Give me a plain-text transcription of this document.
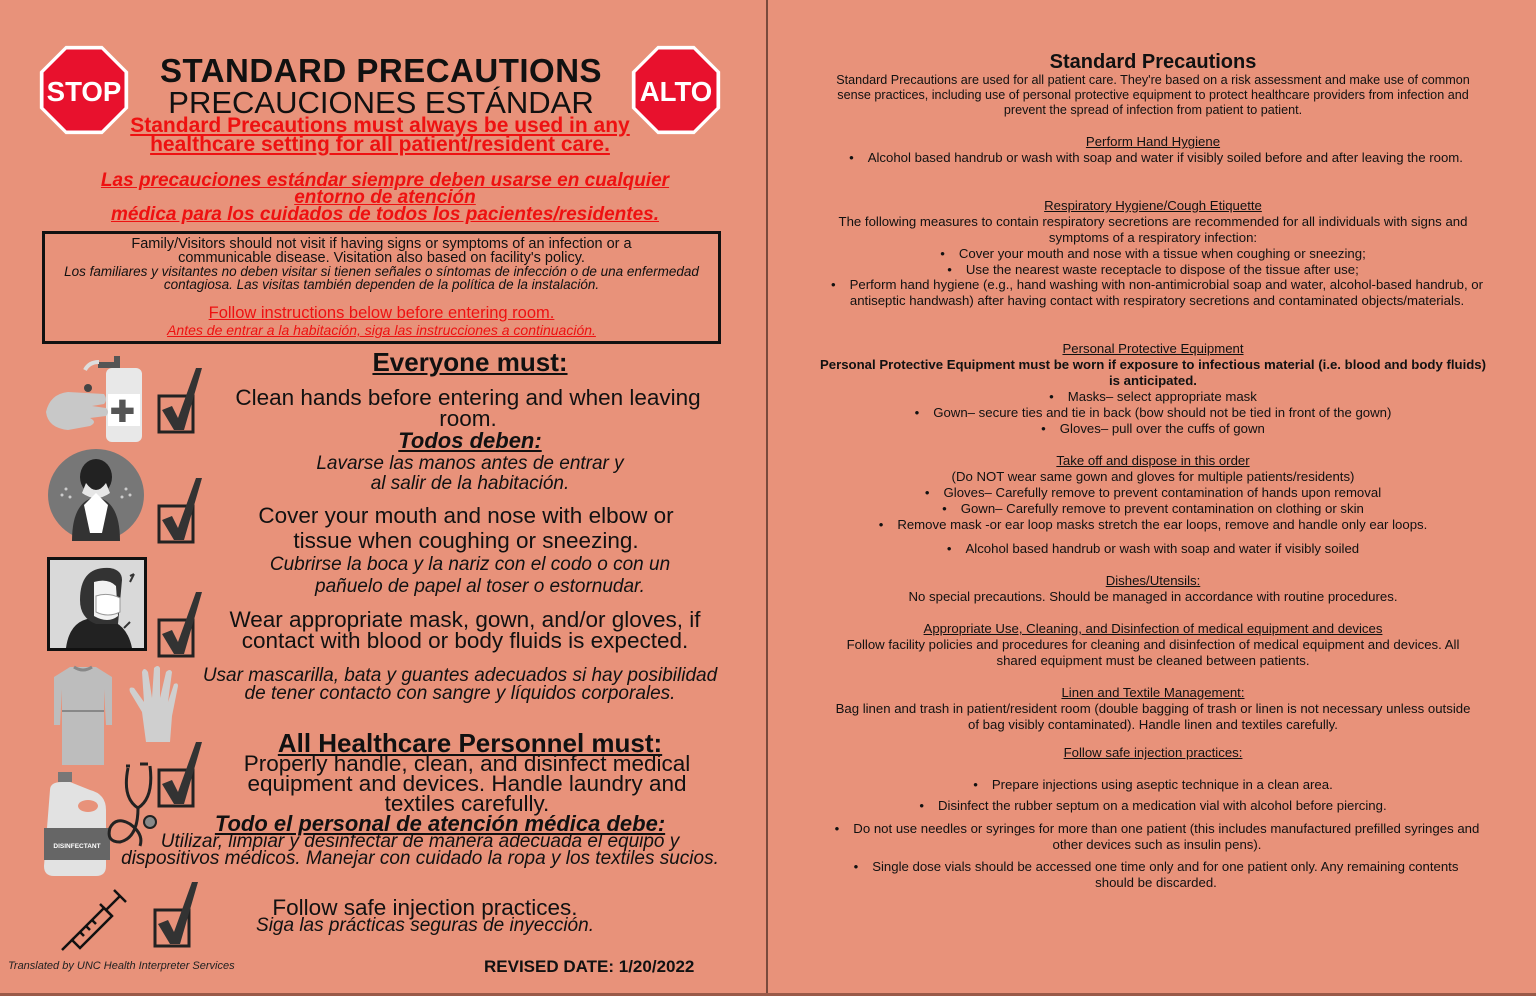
STOP	ALTO
STANDARD PRECAUTIONS
PRECAUCIONES ESTÁNDAR
Standard Precautions must always be used in any healthcare setting for all patient/resident care.
Las precauciones estándar siempre deben usarse en cualquier
entorno de atención
médica para los cuidados de todos los pacientes/residentes.
Family/Visitors should not visit if having signs or symptoms of an infection or a communicable disease. Visitation also based on facility's policy.
Los familiares y visitantes no deben visitar si tienen señales o síntomas de infección o de una enfermedad contagiosa. Las visitas también dependen de la política de la instalación.
Follow instructions below before entering room.
Antes de entrar a la habitación, siga las instrucciones a continuación.
DISINFECTANT
Everyone must:
Clean hands before entering and when leaving room.
Todos deben:
Lavarse las manos antes de entrar y
al salir de la habitación.
Cover your mouth and nose with elbow or tissue when coughing or sneezing.
Cubrirse la boca y la nariz con el codo o con un
pañuelo de papel al toser o estornudar.
Wear appropriate mask, gown, and/or gloves, if contact with blood or body fluids is expected.
Usar mascarilla, bata y guantes adecuados si hay posibilidad de tener contacto con sangre y líquidos corporales.
All Healthcare Personnel must:
Properly handle, clean, and disinfect medical equipment and devices. Handle laundry and textiles carefully.
Todo el personal de atención médica debe:
Utilizar, limpiar y desinfectar de manera adecuada el equipo y dispositivos médicos. Manejar con cuidado la ropa y los textiles sucios.
Follow safe injection practices.
Siga las prácticas seguras de inyección.
Translated by UNC Health Interpreter Services	REVISED DATE: 1/20/2022
Standard Precautions
Standard Precautions are used for all patient care. They're based on a risk assessment and make use of common sense practices, including use of personal protective equipment to protect healthcare providers from infection and prevent the spread of infection from patient to patient.
Perform Hand Hygiene
• Alcohol based handrub or wash with soap and water if visibly soiled before and after leaving the room.
Respiratory Hygiene/Cough Etiquette
The following measures to contain respiratory secretions are recommended for all individuals with signs and symptoms of a respiratory infection:
• Cover your mouth and nose with a tissue when coughing or sneezing;
• Use the nearest waste receptacle to dispose of the tissue after use;
• Perform hand hygiene (e.g., hand washing with non-antimicrobial soap and water, alcohol-based handrub, or antiseptic handwash) after having contact with respiratory secretions and contaminated objects/materials.
Personal Protective Equipment
Personal Protective Equipment must be worn if exposure to infectious material (i.e. blood and body fluids) is anticipated.
• Masks– select appropriate mask
• Gown– secure ties and tie in back (bow should not be tied in front of the gown)
• Gloves– pull over the cuffs of gown
Take off and dispose in this order
(Do NOT wear same gown and gloves for multiple patients/residents)
• Gloves– Carefully remove to prevent contamination of hands upon removal
• Gown– Carefully remove to prevent contamination on clothing or skin
• Remove mask -or ear loop masks stretch the ear loops, remove and handle only ear loops.
• Alcohol based handrub or wash with soap and water if visibly soiled
Dishes/Utensils:
No special precautions. Should be managed in accordance with routine procedures.
Appropriate Use, Cleaning, and Disinfection of medical equipment and devices
Follow facility policies and procedures for cleaning and disinfection of medical equipment and devices. All shared equipment must be cleaned between patients.
Linen and Textile Management:
Bag linen and trash in patient/resident room (double bagging of trash or linen is not necessary unless outside of bag visibly contaminated). Handle linen and textiles carefully.
Follow safe injection practices:
• Prepare injections using aseptic technique in a clean area.
• Disinfect the rubber septum on a medication vial with alcohol before piercing.
• Do not use needles or syringes for more than one patient (this includes manufactured prefilled syringes and other devices such as insulin pens).
• Single dose vials should be accessed one time only and for one patient only. Any remaining contents should be discarded.
